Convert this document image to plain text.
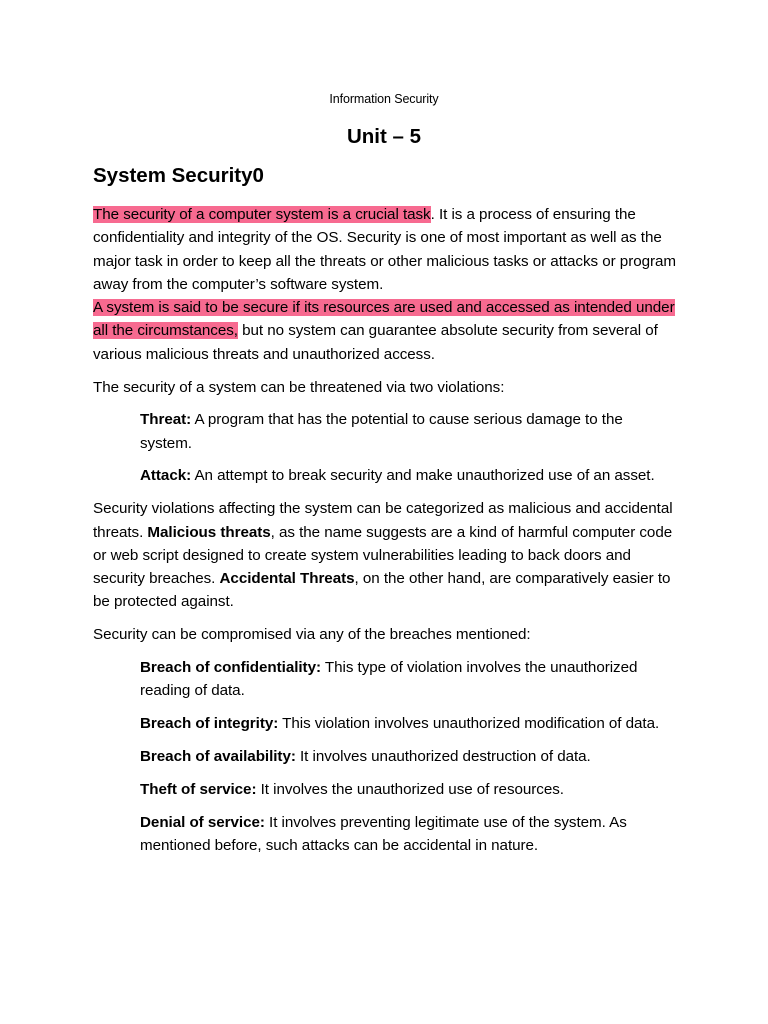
Information Security
Unit – 5
System Security0

The security of a computer system is a crucial task. It is a process of ensuring the confidentiality and integrity of the OS. Security is one of most important as well as the major task in order to keep all the threats or other malicious tasks or attacks or program away from the computer’s software system.
A system is said to be secure if its resources are used and accessed as intended under all the circumstances, but no system can guarantee absolute security from several of various malicious threats and unauthorized access.

The security of a system can be threatened via two violations:

Threat: A program that has the potential to cause serious damage to the system.

Attack: An attempt to break security and make unauthorized use of an asset.

Security violations affecting the system can be categorized as malicious and accidental threats. Malicious threats, as the name suggests are a kind of harmful computer code or web script designed to create system vulnerabilities leading to back doors and security breaches. Accidental Threats, on the other hand, are comparatively easier to be protected against.

Security can be compromised via any of the breaches mentioned:

Breach of confidentiality: This type of violation involves the unauthorized reading of data.

Breach of integrity: This violation involves unauthorized modification of data.

Breach of availability: It involves unauthorized destruction of data.

Theft of service: It involves the unauthorized use of resources.

Denial of service: It involves preventing legitimate use of the system. As mentioned before, such attacks can be accidental in nature.
